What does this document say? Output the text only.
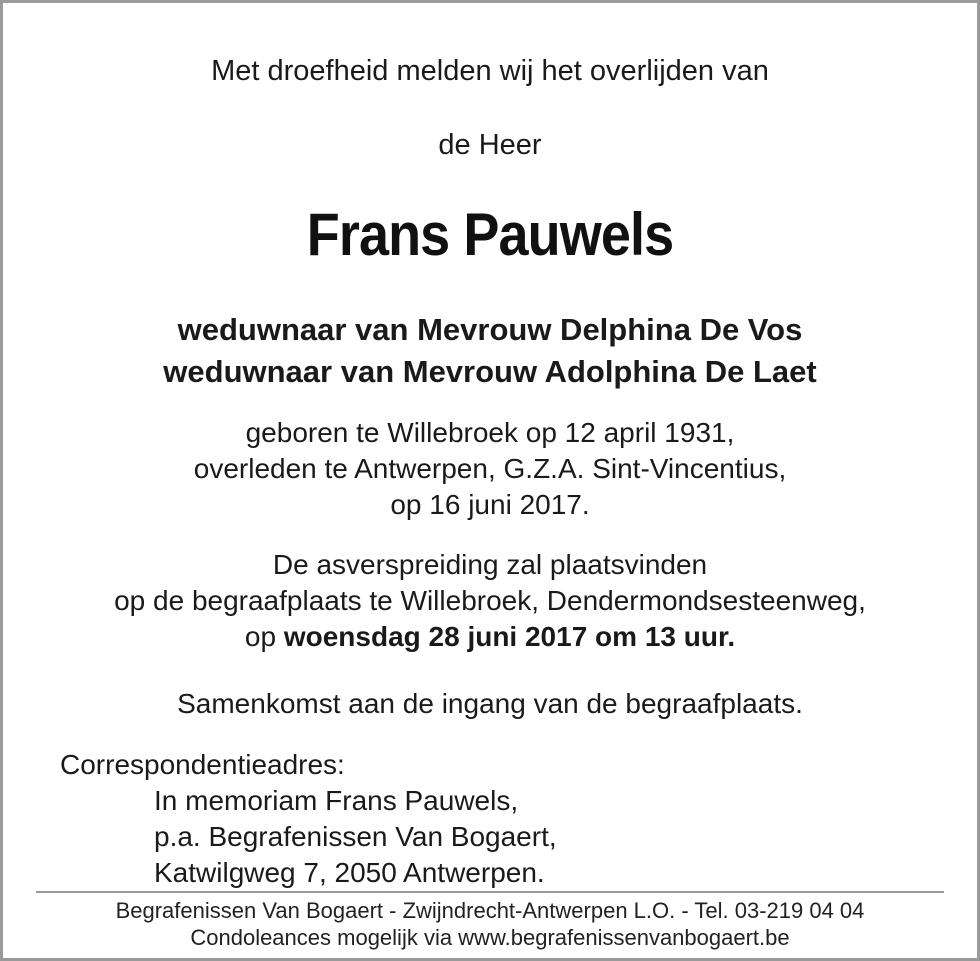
Met droefheid melden wij het overlijden van
de Heer
Frans Pauwels
weduwnaar van Mevrouw Delphina De Vos
weduwnaar van Mevrouw Adolphina De Laet
geboren te Willebroek op 12 april 1931,
overleden te Antwerpen, G.Z.A. Sint-Vincentius,
op 16 juni 2017.
De asverspreiding zal plaatsvinden
op de begraafplaats te Willebroek, Dendermondsesteenweg,
op woensdag 28 juni 2017 om 13 uur.
Samenkomst aan de ingang van de begraafplaats.
Correspondentieadres:
In memoriam Frans Pauwels,
p.a. Begrafenissen Van Bogaert,
Katwilgweg 7, 2050 Antwerpen.
Begrafenissen Van Bogaert - Zwijndrecht-Antwerpen L.O. - Tel. 03-219 04 04
Condoleances mogelijk via www.begrafenissenvanbogaert.be
